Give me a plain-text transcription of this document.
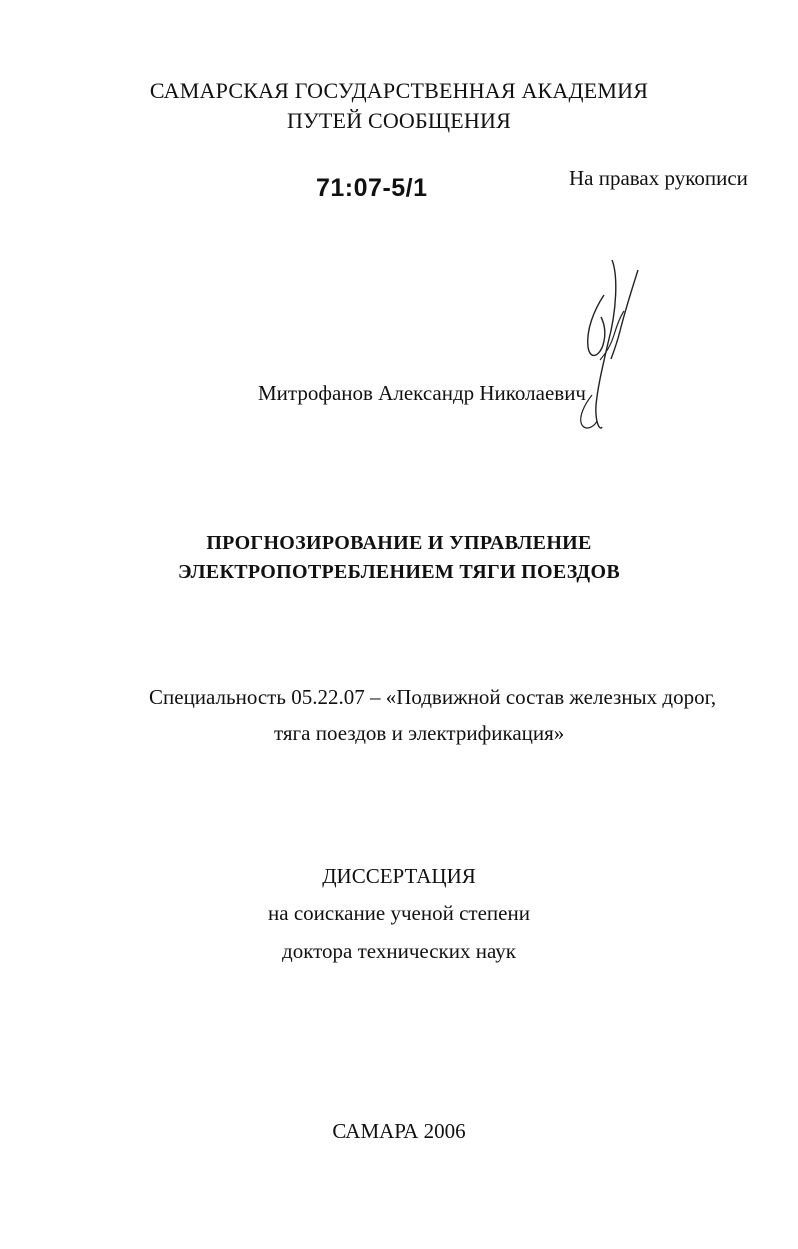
САМАРСКАЯ ГОСУДАРСТВЕННАЯ АКАДЕМИЯ
ПУТЕЙ СООБЩЕНИЯ
71:07-5/1	На правах рукописи
Митрофанов Александр Николаевич
ПРОГНОЗИРОВАНИЕ И УПРАВЛЕНИЕ
ЭЛЕКТРОПОТРЕБЛЕНИЕМ ТЯГИ ПОЕЗДОВ
Специальность 05.22.07 – «Подвижной состав железных дорог,
тяга поездов и электрификация»
ДИССЕРТАЦИЯ
на соискание ученой степени
доктора технических наук
САМАРА 2006
